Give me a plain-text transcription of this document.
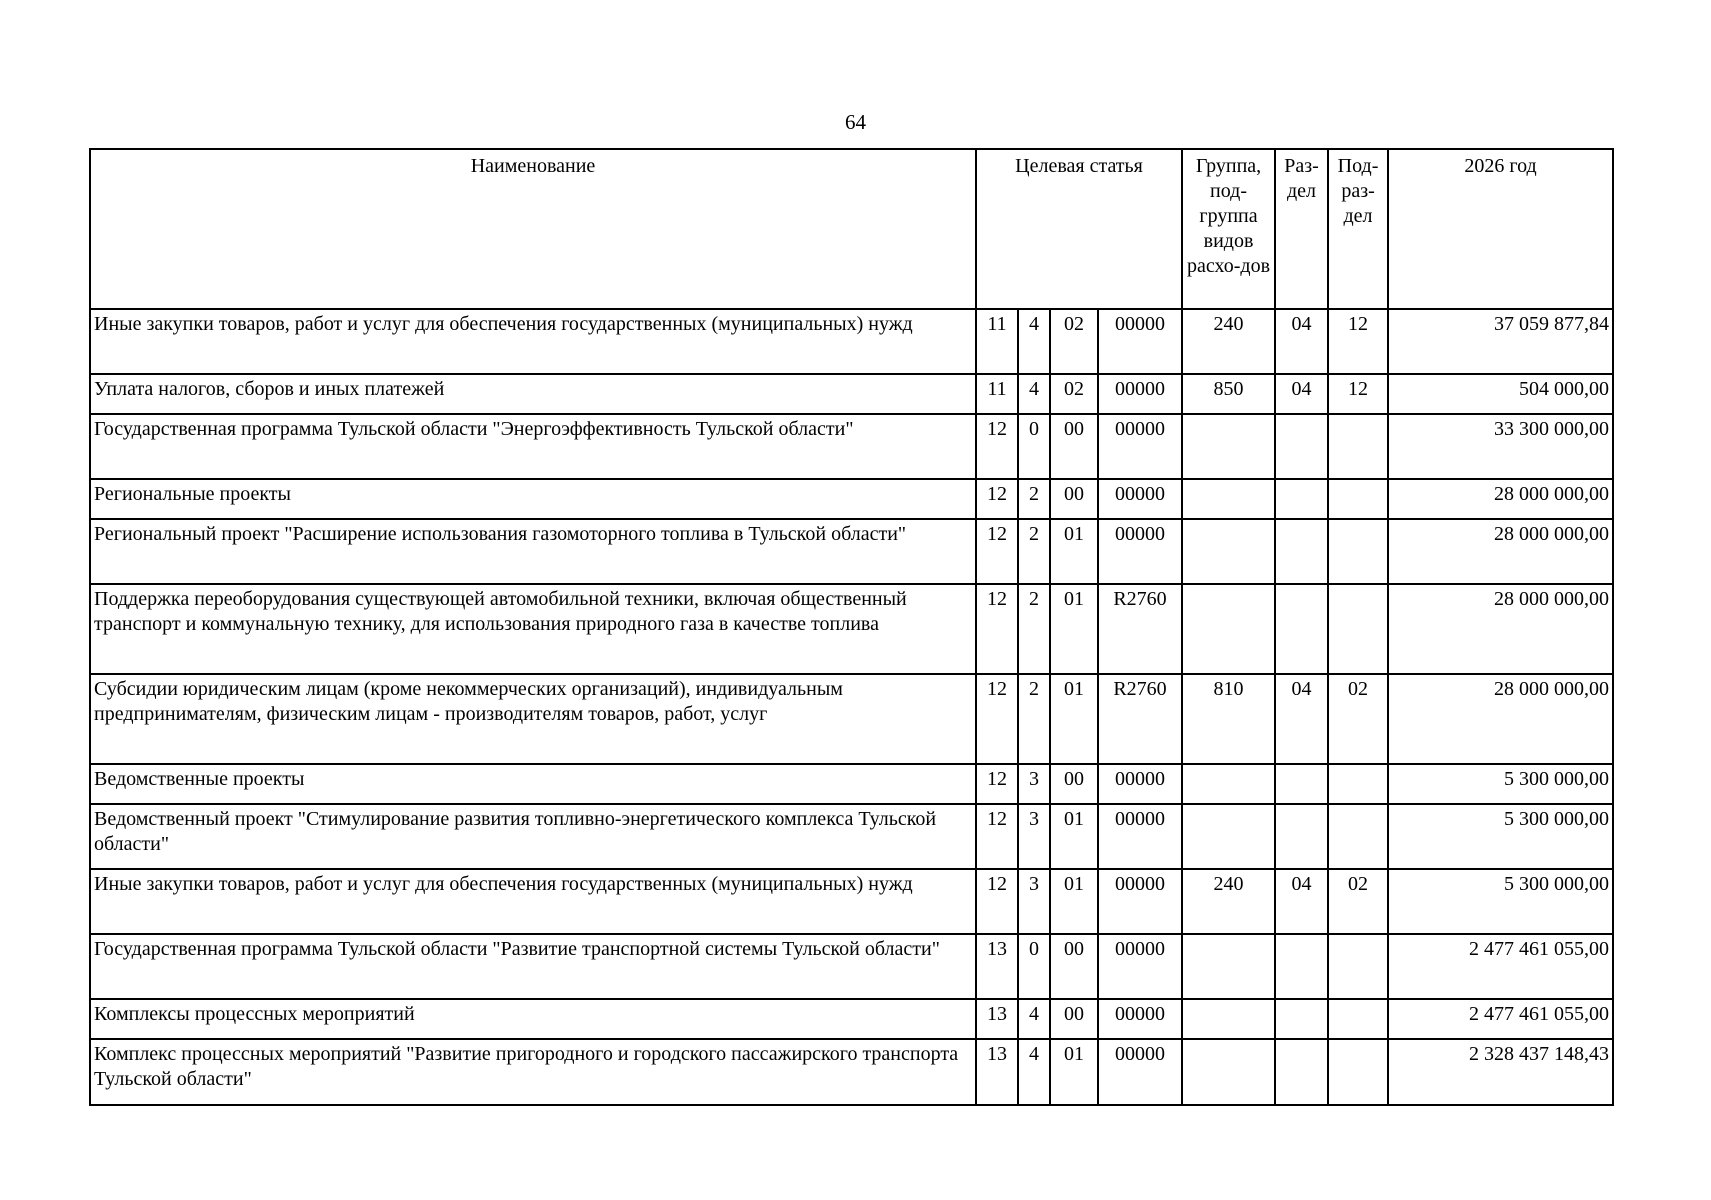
64
Наименование	Целевая статья				Группа, под-группа видов расхо-дов	Раз-дел	Под-раз-дел	2026 год
Иные закупки товаров, работ и услуг для обеспечения государственных (муниципальных) нужд	11	4	02	00000	240	04	12	37 059 877,84
Уплата налогов, сборов и иных платежей	11	4	02	00000	850	04	12	504 000,00
Государственная программа Тульской области "Энергоэффективность Тульской области"	12	0	00	00000				33 300 000,00
Региональные проекты	12	2	00	00000				28 000 000,00
Региональный проект "Расширение использования газомоторного топлива в Тульской области"	12	2	01	00000				28 000 000,00
Поддержка переоборудования существующей автомобильной техники, включая общественный транспорт и коммунальную технику, для использования природного газа в качестве топлива	12	2	01	R2760				28 000 000,00
Субсидии юридическим лицам (кроме некоммерческих организаций), индивидуальным предпринимателям, физическим лицам - производителям товаров, работ, услуг	12	2	01	R2760	810	04	02	28 000 000,00
Ведомственные проекты	12	3	00	00000				5 300 000,00
Ведомственный проект "Стимулирование развития топливно-энергетического комплекса Тульской области"	12	3	01	00000				5 300 000,00
Иные закупки товаров, работ и услуг для обеспечения государственных (муниципальных) нужд	12	3	01	00000	240	04	02	5 300 000,00
Государственная программа Тульской области "Развитие транспортной системы Тульской области"	13	0	00	00000				2 477 461 055,00
Комплексы процессных мероприятий	13	4	00	00000				2 477 461 055,00
Комплекс процессных мероприятий "Развитие пригородного и городского пассажирского транспорта Тульской области"	13	4	01	00000				2 328 437 148,43
